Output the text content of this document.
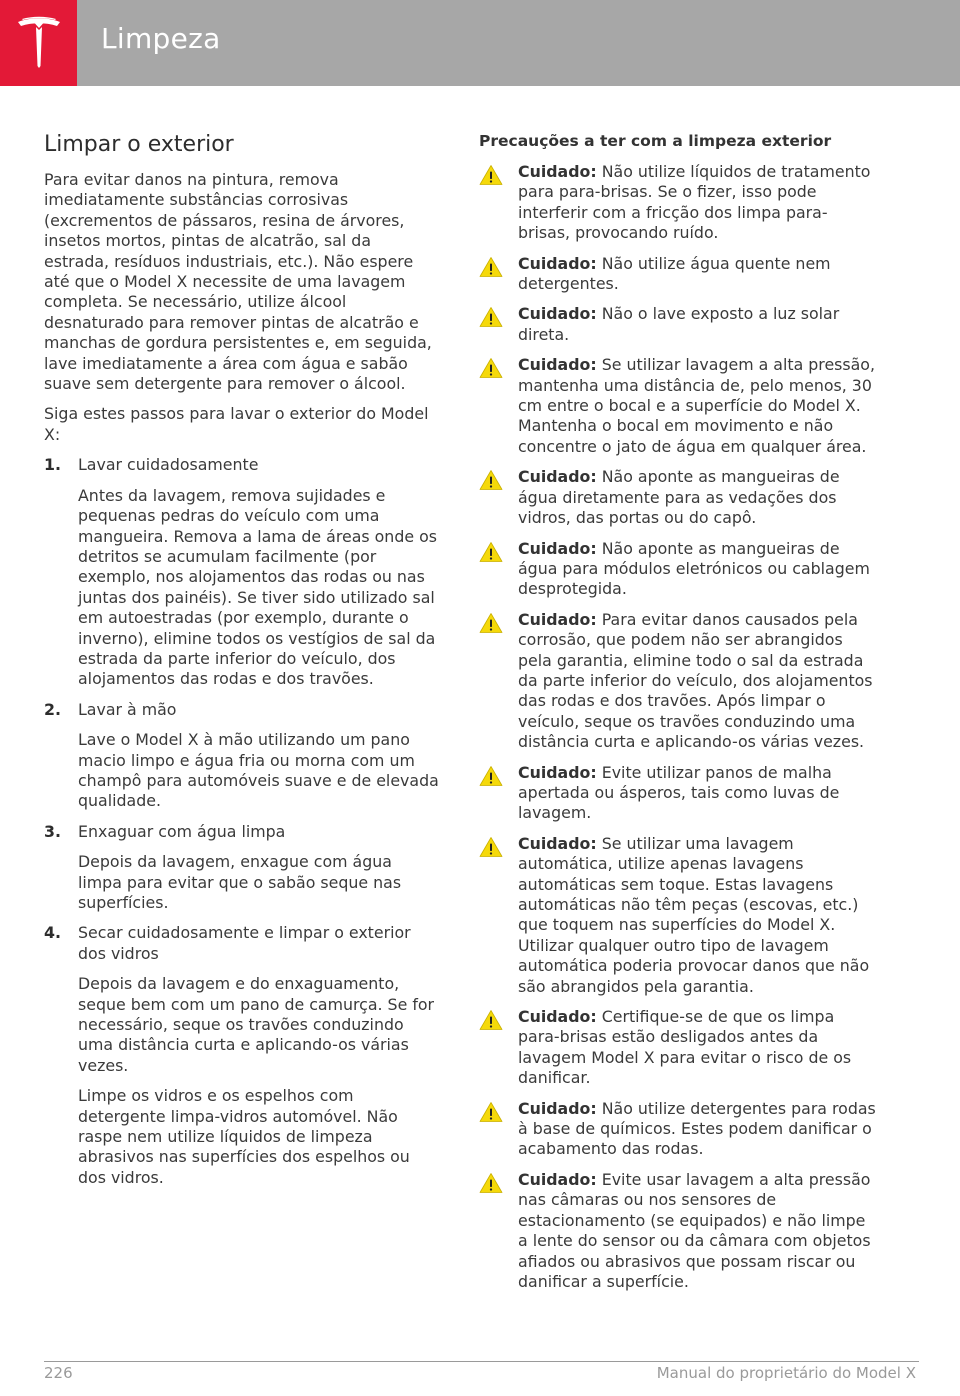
Limpeza
Limpar o exterior

Para evitar danos na pintura, remova imediatamente substâncias corrosivas (excrementos de pássaros, resina de árvores, insetos mortos, pintas de alcatrão, sal da estrada, resíduos industriais, etc.). Não espere até que o Model X necessite de uma lavagem completa. Se necessário, utilize álcool desnaturado para remover pintas de alcatrão e manchas de gordura persistentes e, em seguida, lave imediatamente a área com água e sabão suave sem detergente para remover o álcool.

Siga estes passos para lavar o exterior do Model X:

1. Lavar cuidadosamente

Antes da lavagem, remova sujidades e pequenas pedras do veículo com uma mangueira. Remova a lama de áreas onde os detritos se acumulam facilmente (por exemplo, nos alojamentos das rodas ou nas juntas dos painéis). Se tiver sido utilizado sal em autoestradas (por exemplo, durante o inverno), elimine todos os vestígios de sal da estrada da parte inferior do veículo, dos alojamentos das rodas e dos travões.

2. Lavar à mão

Lave o Model X à mão utilizando um pano macio limpo e água fria ou morna com um champô para automóveis suave e de elevada qualidade.

3. Enxaguar com água limpa

Depois da lavagem, enxague com água limpa para evitar que o sabão seque nas superfícies.

4. Secar cuidadosamente e limpar o exterior dos vidros

Depois da lavagem e do enxaguamento, seque bem com um pano de camurça. Se for necessário, seque os travões conduzindo uma distância curta e aplicando-os várias vezes.

Limpe os vidros e os espelhos com detergente limpa-vidros automóvel. Não raspe nem utilize líquidos de limpeza abrasivos nas superfícies dos espelhos ou dos vidros.

Precauções a ter com a limpeza exterior
Cuidado: Não utilize líquidos de tratamento para para-brisas. Se o fizer, isso pode interferir com a fricção dos limpa para-brisas, provocando ruído.
Cuidado: Não utilize água quente nem detergentes.
Cuidado: Não o lave exposto a luz solar direta.
Cuidado: Se utilizar lavagem a alta pressão, mantenha uma distância de, pelo menos, 30 cm entre o bocal e a superfície do Model X. Mantenha o bocal em movimento e não concentre o jato de água em qualquer área.
Cuidado: Não aponte as mangueiras de água diretamente para as vedações dos vidros, das portas ou do capô.
Cuidado: Não aponte as mangueiras de água para módulos eletrónicos ou cablagem desprotegida.
Cuidado: Para evitar danos causados pela corrosão, que podem não ser abrangidos pela garantia, elimine todo o sal da estrada da parte inferior do veículo, dos alojamentos das rodas e dos travões. Após limpar o veículo, seque os travões conduzindo uma distância curta e aplicando-os várias vezes.
Cuidado: Evite utilizar panos de malha apertada ou ásperos, tais como luvas de lavagem.
Cuidado: Se utilizar uma lavagem automática, utilize apenas lavagens automáticas sem toque. Estas lavagens automáticas não têm peças (escovas, etc.) que toquem nas superfícies do Model X. Utilizar qualquer outro tipo de lavagem automática poderia provocar danos que não são abrangidos pela garantia.
Cuidado: Certifique-se de que os limpa para-brisas estão desligados antes da lavagem Model X para evitar o risco de os danificar.
Cuidado: Não utilize detergentes para rodas à base de químicos. Estes podem danificar o acabamento das rodas.
Cuidado: Evite usar lavagem a alta pressão nas câmaras ou nos sensores de estacionamento (se equipados) e não limpe a lente do sensor ou da câmara com objetos afiados ou abrasivos que possam riscar ou danificar a superfície.
226	Manual do proprietário do Model X
